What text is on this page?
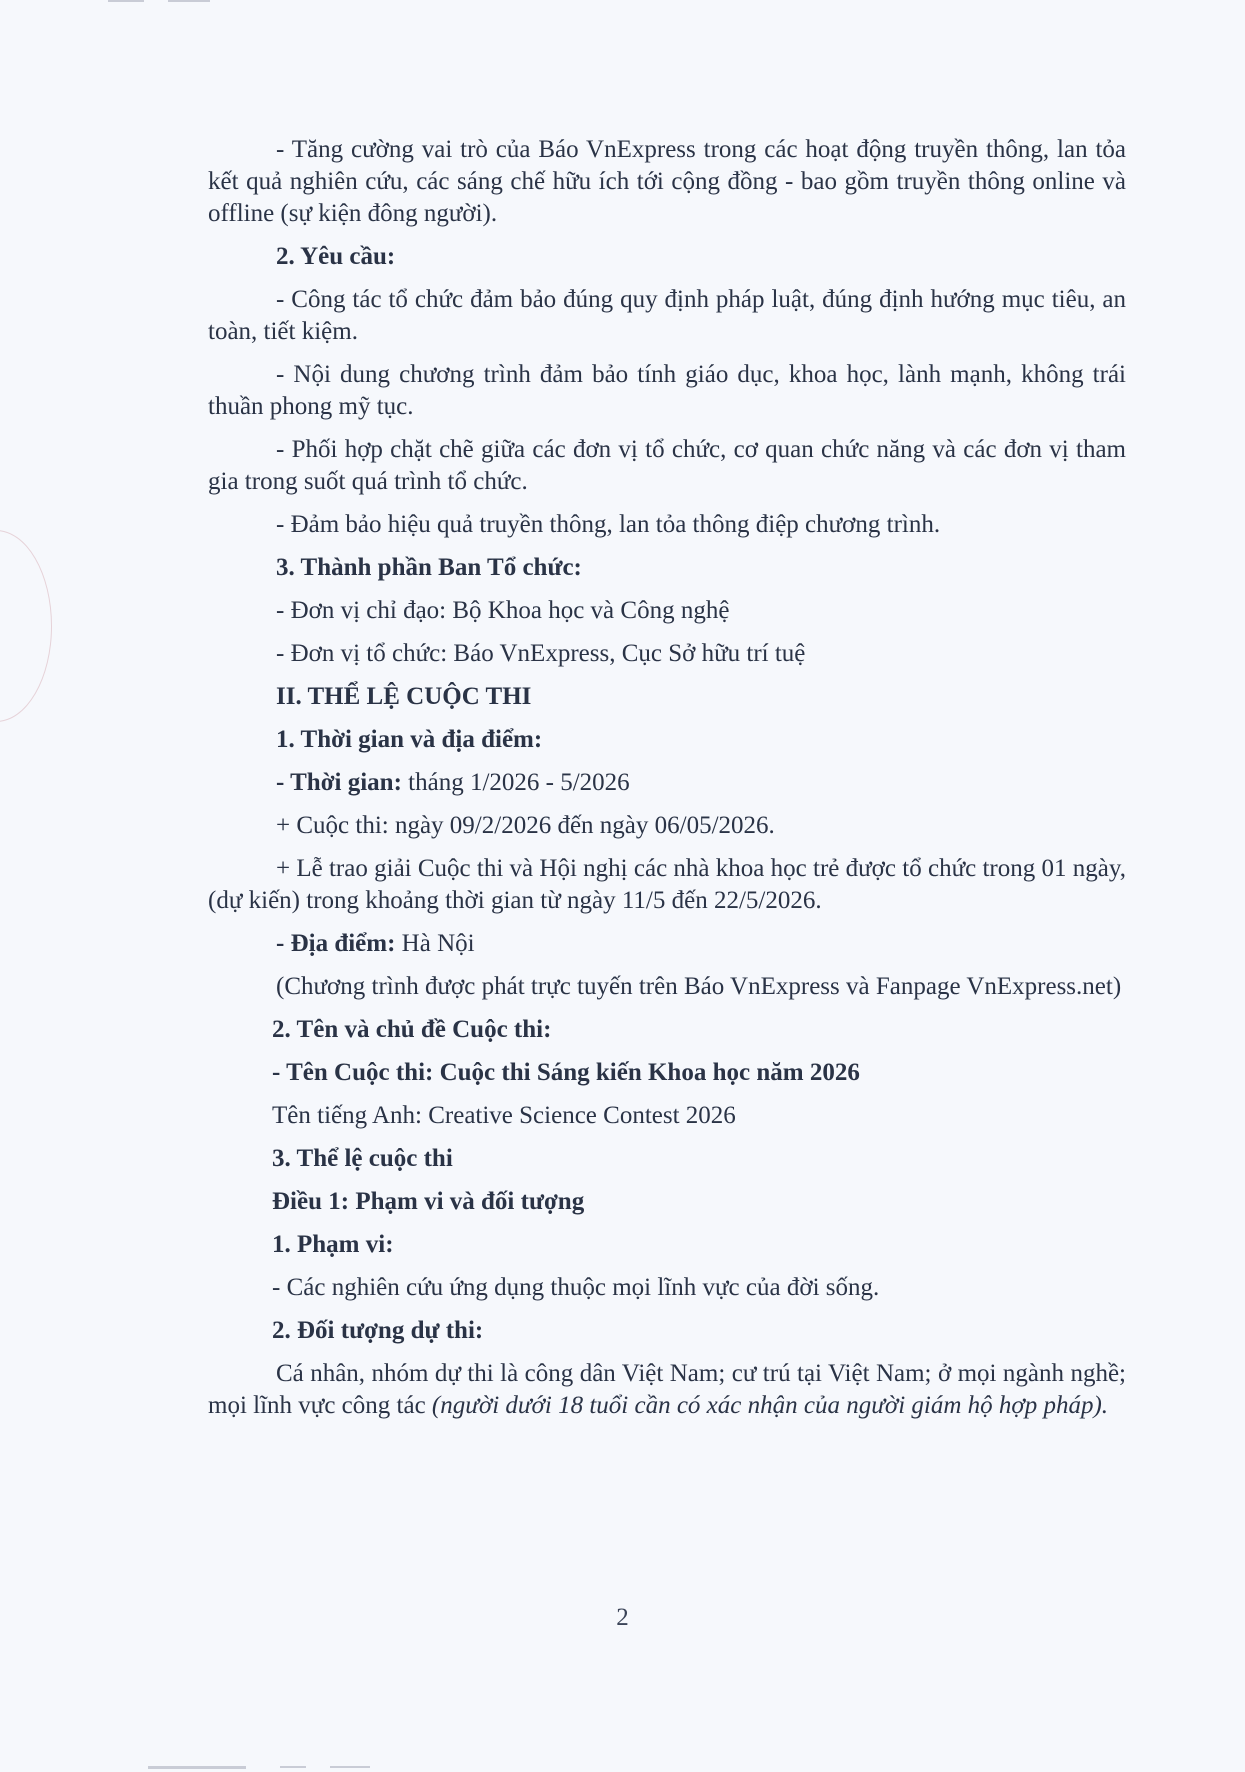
- Tăng cường vai trò của Báo VnExpress trong các hoạt động truyền thông, lan tỏa kết quả nghiên cứu, các sáng chế hữu ích tới cộng đồng - bao gồm truyền thông online và offline (sự kiện đông người).

2. Yêu cầu:

- Công tác tổ chức đảm bảo đúng quy định pháp luật, đúng định hướng mục tiêu, an toàn, tiết kiệm.

- Nội dung chương trình đảm bảo tính giáo dục, khoa học, lành mạnh, không trái thuần phong mỹ tục.

- Phối hợp chặt chẽ giữa các đơn vị tổ chức, cơ quan chức năng và các đơn vị tham gia trong suốt quá trình tổ chức.

- Đảm bảo hiệu quả truyền thông, lan tỏa thông điệp chương trình.

3. Thành phần Ban Tổ chức:

- Đơn vị chỉ đạo: Bộ Khoa học và Công nghệ

- Đơn vị tổ chức: Báo VnExpress, Cục Sở hữu trí tuệ

II. THỂ LỆ CUỘC THI

1. Thời gian và địa điểm:

- Thời gian: tháng 1/2026 - 5/2026

+ Cuộc thi: ngày 09/2/2026 đến ngày 06/05/2026.

+ Lễ trao giải Cuộc thi và Hội nghị các nhà khoa học trẻ được tổ chức trong 01 ngày, (dự kiến) trong khoảng thời gian từ ngày 11/5 đến 22/5/2026.

- Địa điểm: Hà Nội

(Chương trình được phát trực tuyến trên Báo VnExpress và Fanpage VnExpress.net)

2. Tên và chủ đề Cuộc thi:

- Tên Cuộc thi: Cuộc thi Sáng kiến Khoa học năm 2026

Tên tiếng Anh: Creative Science Contest 2026

3. Thể lệ cuộc thi

Điều 1: Phạm vi và đối tượng

1. Phạm vi:

- Các nghiên cứu ứng dụng thuộc mọi lĩnh vực của đời sống.

2. Đối tượng dự thi:

Cá nhân, nhóm dự thi là công dân Việt Nam; cư trú tại Việt Nam; ở mọi ngành nghề; mọi lĩnh vực công tác (người dưới 18 tuổi cần có xác nhận của người giám hộ hợp pháp).

2
